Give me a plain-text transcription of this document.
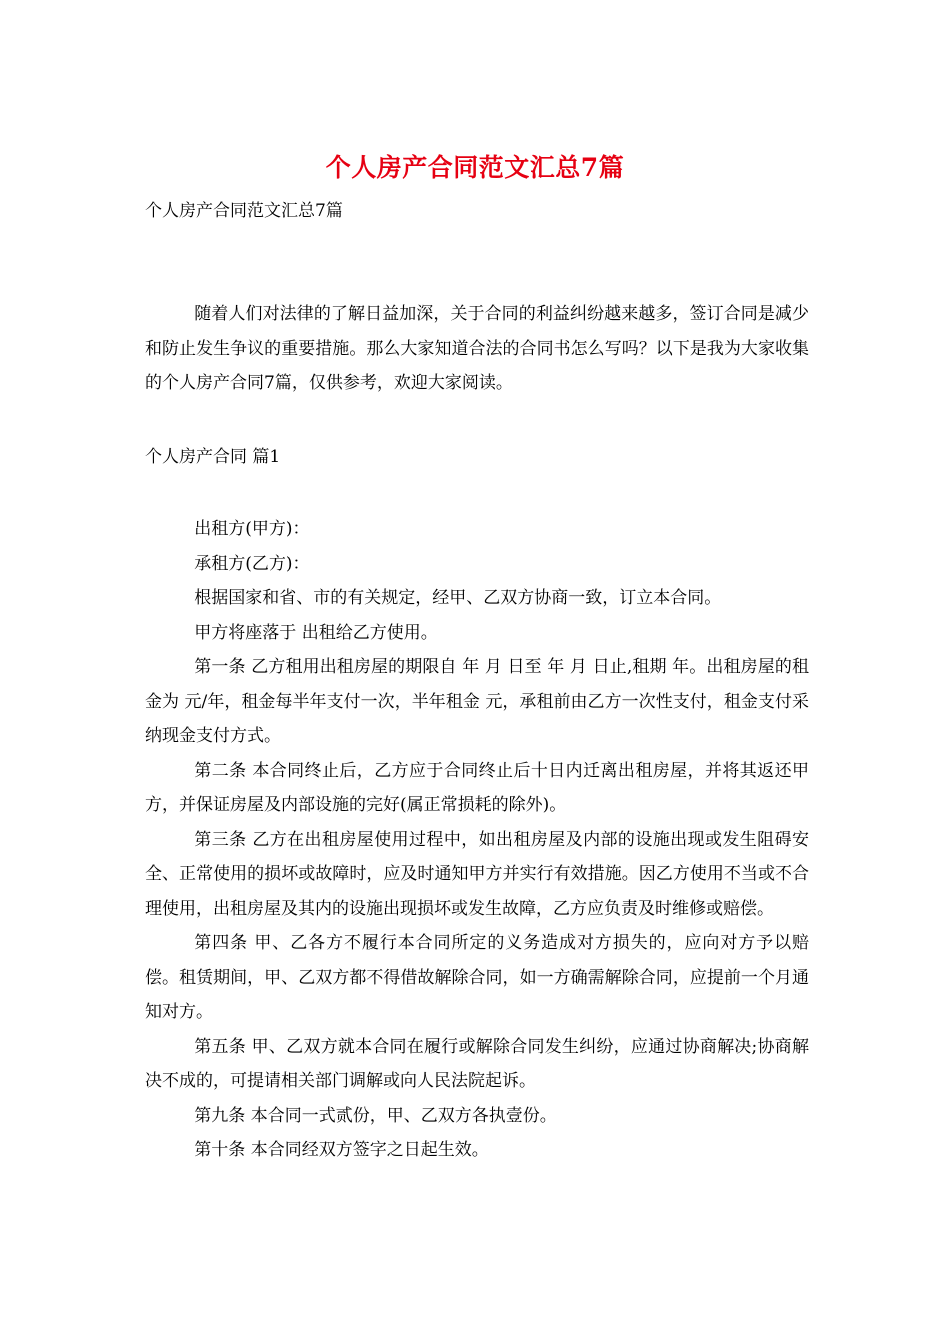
个人房产合同范文汇总7篇
个人房产合同范文汇总7篇

随着人们对法律的了解日益加深，关于合同的利益纠纷越来越多，签订合同是减少和防止发生争议的重要措施。那么大家知道合法的合同书怎么写吗？以下是我为大家收集的个人房产合同7篇，仅供参考，欢迎大家阅读。

个人房产合同 篇1

出租方(甲方)：

承租方(乙方)：

根据国家和省、市的有关规定，经甲、乙双方协商一致，订立本合同。

甲方将座落于 出租给乙方使用。

第一条 乙方租用出租房屋的期限自 年 月 日至 年 月 日止,租期 年。出租房屋的租金为 元/年，租金每半年支付一次，半年租金 元，承租前由乙方一次性支付，租金支付采纳现金支付方式。

第二条 本合同终止后，乙方应于合同终止后十日内迁离出租房屋，并将其返还甲方，并保证房屋及内部设施的完好(属正常损耗的除外)。

第三条 乙方在出租房屋使用过程中，如出租房屋及内部的设施出现或发生阻碍安全、正常使用的损坏或故障时，应及时通知甲方并实行有效措施。因乙方使用不当或不合理使用，出租房屋及其内的设施出现损坏或发生故障，乙方应负责及时维修或赔偿。

第四条 甲、乙各方不履行本合同所定的义务造成对方损失的，应向对方予以赔偿。租赁期间，甲、乙双方都不得借故解除合同，如一方确需解除合同，应提前一个月通知对方。

第五条 甲、乙双方就本合同在履行或解除合同发生纠纷，应通过协商解决;协商解决不成的，可提请相关部门调解或向人民法院起诉。

第九条 本合同一式贰份，甲、乙双方各执壹份。

第十条 本合同经双方签字之日起生效。
